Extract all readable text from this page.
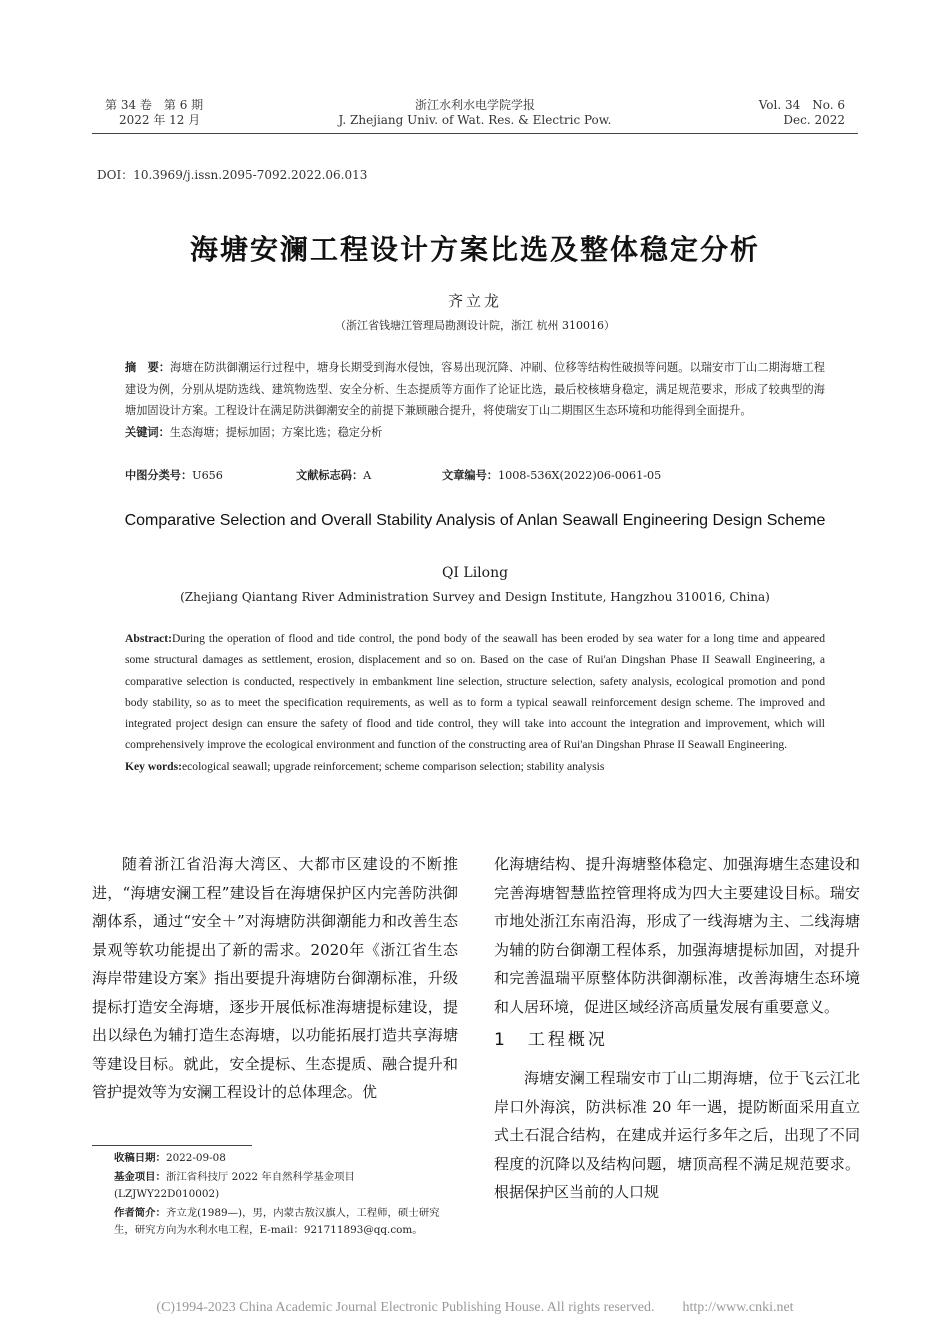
第 34 卷　第 6 期
2022 年 12 月
浙江水利水电学院学报
J. Zhejiang Univ. of Wat. Res. & Electric Pow.
Vol. 34　No. 6
Dec. 2022
DOI：10.3969/j.issn.2095-7092.2022.06.013
海塘安澜工程设计方案比选及整体稳定分析
齐立龙
（浙江省钱塘江管理局勘测设计院，浙江 杭州 310016）
摘　要：海塘在防洪御潮运行过程中，塘身长期受到海水侵蚀，容易出现沉降、冲刷、位移等结构性破损等问题。以瑞安市丁山二期海塘工程建设为例，分别从堤防选线、建筑物选型、安全分析、生态提质等方面作了论证比选，最后校核塘身稳定，满足规范要求，形成了较典型的海塘加固设计方案。工程设计在满足防洪御潮安全的前提下兼顾融合提升，将使瑞安丁山二期围区生态环境和功能得到全面提升。
关键词：生态海塘；提标加固；方案比选；稳定分析
中图分类号：U656	文献标志码：A	文章编号：1008-536X(2022)06-0061-05
Comparative Selection and Overall Stability Analysis of Anlan Seawall Engineering Design Scheme
QI Lilong
(Zhejiang Qiantang River Administration Survey and Design Institute, Hangzhou 310016, China)
Abstract:During the operation of flood and tide control, the pond body of the seawall has been eroded by sea water for a long time and appeared some structural damages as settlement, erosion, displacement and so on. Based on the case of Rui'an Dingshan Phase II Seawall Engineering, a comparative selection is conducted, respectively in embankment line selection, structure selection, safety analysis, ecological promotion and pond body stability, so as to meet the specification requirements, as well as to form a typical seawall reinforcement design scheme. The improved and integrated project design can ensure the safety of flood and tide control, they will take into account the integration and improvement, which will comprehensively improve the ecological environment and function of the constructing area of Rui'an Dingshan Phrase II Seawall Engineering.
Key words:ecological seawall; upgrade reinforcement; scheme comparison selection; stability analysis

随着浙江省沿海大湾区、大都市区建设的不断推进，“海塘安澜工程”建设旨在海塘保护区内完善防洪御潮体系，通过“安全＋”对海塘防洪御潮能力和改善生态景观等软功能提出了新的需求。2020年《浙江省生态海岸带建设方案》指出要提升海塘防台御潮标准，升级提标打造安全海塘，逐步开展低标准海塘提标建设，提出以绿色为辅打造生态海塘，以功能拓展打造共享海塘等建设目标。就此，安全提标、生态提质、融合提升和管护提效等为安澜工程设计的总体理念。优

化海塘结构、提升海塘整体稳定、加强海塘生态建设和完善海塘智慧监控管理将成为四大主要建设目标。瑞安市地处浙江东南沿海，形成了一线海塘为主、二线海塘为辅的防台御潮工程体系，加强海塘提标加固，对提升和完善温瑞平原整体防洪御潮标准，改善海塘生态环境和人居环境，促进区域经济高质量发展有重要意义。

1　工程概况

海塘安澜工程瑞安市丁山二期海塘，位于飞云江北岸口外海滨，防洪标准 20 年一遇，提防断面采用直立式土石混合结构，在建成并运行多年之后，出现了不同程度的沉降以及结构问题，塘顶高程不满足规范要求。根据保护区当前的人口规

收稿日期：2022-09-08

基金项目：浙江省科技厅 2022 年自然科学基金项目(LZJWY22D010002)

作者简介：齐立龙(1989—)，男，内蒙古敖汉旗人，工程师，硕士研究生，研究方向为水利水电工程，E-mail：921711893@qq.com。

(C)1994-2023 China Academic Journal Electronic Publishing House. All rights reserved.　　http://www.cnki.net
